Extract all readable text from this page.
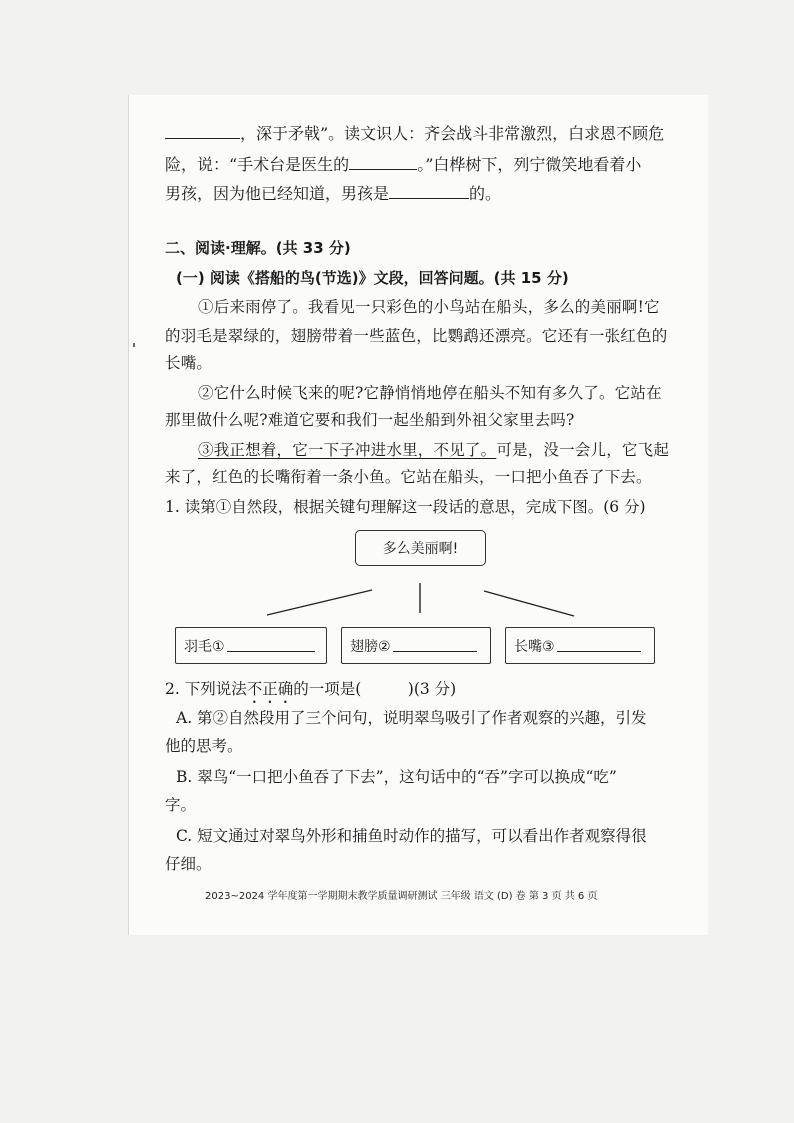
，深于矛戟”。读文识人：齐会战斗非常激烈，白求恩不顾危
险，说：“手术台是医生的	。”白桦树下，列宁微笑地看着小
男孩，因为他已经知道，男孩是	的。
二、阅读·理解。(共 33 分)
(一) 阅读《搭船的鸟(节选)》文段，回答问题。(共 15 分)
①后来雨停了。我看见一只彩色的小鸟站在船头，多么的美丽啊!它
的羽毛是翠绿的，翅膀带着一些蓝色，比鹦鹉还漂亮。它还有一张红色的
长嘴。
②它什么时候飞来的呢?它静悄悄地停在船头不知有多久了。它站在
那里做什么呢?难道它要和我们一起坐船到外祖父家里去吗?
③我正想着，它一下子冲进水里，不见了。可是，没一会儿，它飞起
来了，红色的长嘴衔着一条小鱼。它站在船头，一口把小鱼吞了下去。
1. 读第①自然段，根据关键句理解这一段话的意思，完成下图。(6 分)
多么美丽啊!
羽毛①	翅膀②	长嘴③
2. 下列说法不正确的一项是(　　　)(3 分)
A. 第②自然段用了三个问句，说明翠鸟吸引了作者观察的兴趣，引发
他的思考。
B. 翠鸟“一口把小鱼吞了下去”，这句话中的“吞”字可以换成“吃”
字。
C. 短文通过对翠鸟外形和捕鱼时动作的描写，可以看出作者观察得很
仔细。
2023~2024 学年度第一学期期末教学质量调研测试 三年级 语文 (D) 卷 第 3 页 共 6 页
